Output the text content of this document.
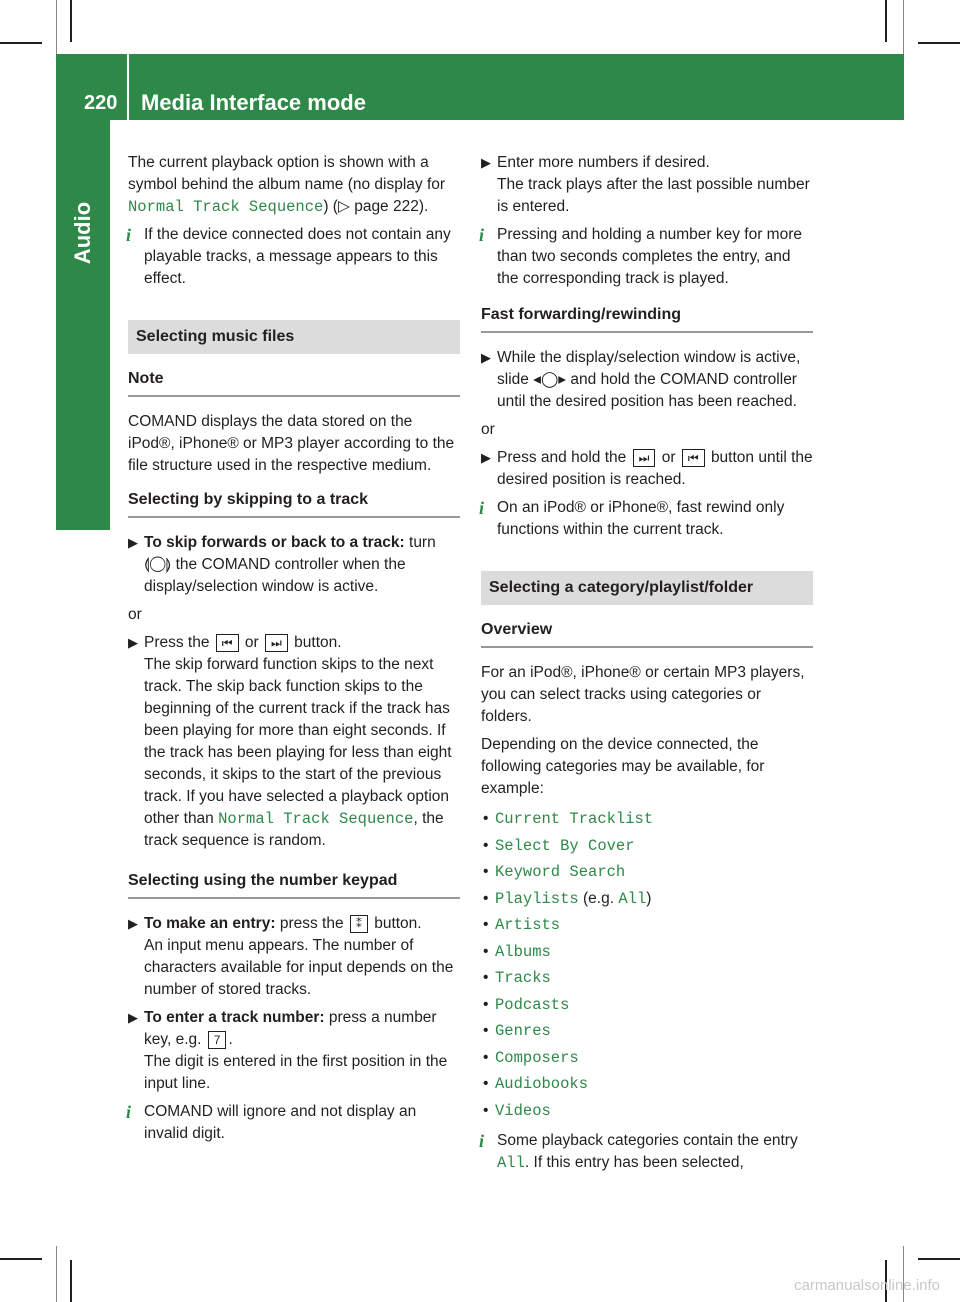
220 Media Interface mode
Audio

The current playback option is shown with a symbol behind the album name (no display for Normal Track Sequence) (▷ page 222).

i If the device connected does not contain any playable tracks, a message appears to this effect.
Selecting music files
Note

COMAND displays the data stored on the iPod®, iPhone® or MP3 player according to the file structure used in the respective medium.

Selecting by skipping to a track
▶ To skip forwards or back to a track: turn ⟬◯⟭ the COMAND controller when the display/selection window is active.

or

▶ Press the ⏮ or ⏭ button.
The skip forward function skips to the next track. The skip back function skips to the beginning of the current track if the track has been playing for more than eight seconds. If the track has been playing for less than eight seconds, it skips to the start of the previous track. If you have selected a playback option other than Normal Track Sequence, the track sequence is random.
Selecting using the number keypad
▶ To make an entry: press the ⁑ button.
An input menu appears. The number of characters available for input depends on the number of stored tracks.
▶ To enter a track number: press a number key, e.g. 7 .
The digit is entered in the first position in the input line.
i COMAND will ignore and not display an invalid digit.
▶ Enter more numbers if desired.
The track plays after the last possible number is entered.
i Pressing and holding a number key for more than two seconds completes the entry, and the corresponding track is played.
Fast forwarding/rewinding
▶ While the display/selection window is active, slide ◂◯▸ and hold the COMAND controller until the desired position has been reached.

or

▶ Press and hold the ⏭ or ⏮ button until the desired position is reached.
i On an iPod® or iPhone®, fast rewind only functions within the current track.
Selecting a category/playlist/folder
Overview

For an iPod®, iPhone® or certain MP3 players, you can select tracks using categories or folders.

Depending on the device connected, the following categories may be available, for example:

• Current Tracklist
• Select By Cover
• Keyword Search
• Playlists (e.g. All)
• Artists
• Albums
• Tracks
• Podcasts
• Genres
• Composers
• Audiobooks
• Videos
i Some playback categories contain the entry All. If this entry has been selected,
carmanualsonline.info
